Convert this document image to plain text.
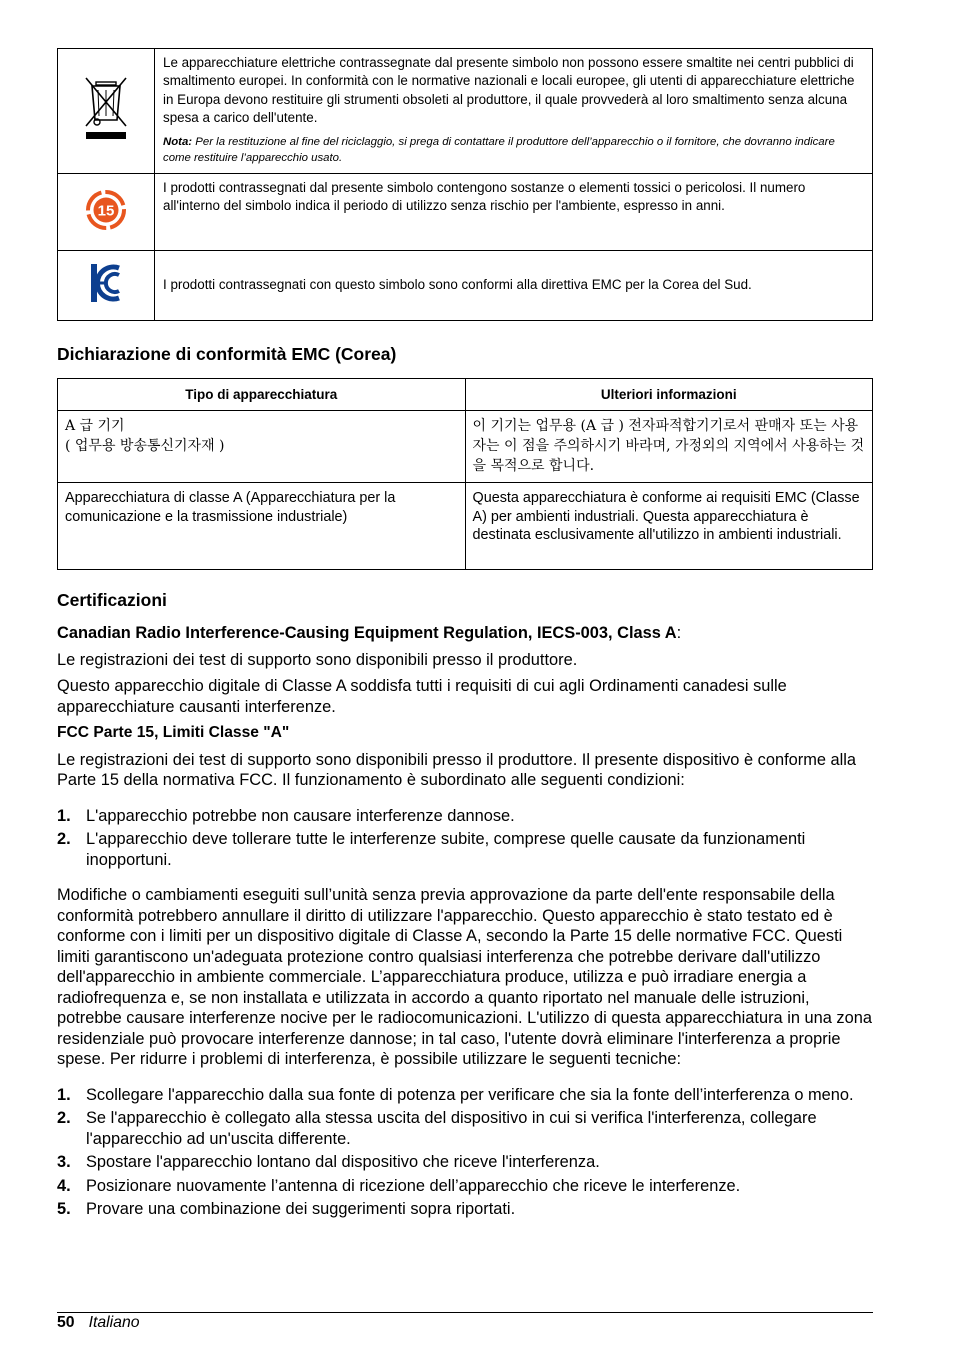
Le apparecchiature elettriche contrassegnate dal presente simbolo non possono essere smaltite nei centri pubblici di smaltimento europei. In conformità con le normative nazionali e locali europee, gli utenti di apparecchiature elettriche in Europa devono restituire gli strumenti obsoleti al produttore, il quale provvederà al loro smaltimento senza alcuna spesa a carico dell'utente.
Nota: Per la restituzione al fine del riciclaggio, si prega di contattare il produttore dell’apparecchio o il fornitore, che dovranno indicare come restituire l’apparecchio usato.

15	I prodotti contrassegnati dal presente simbolo contengono sostanze o elementi tossici o pericolosi. Il numero all'interno del simbolo indica il periodo di utilizzo senza rischio per l'ambiente, espresso in anni.
	I prodotti contrassegnati con questo simbolo sono conformi alla direttiva EMC per la Corea del Sud.
Dichiarazione di conformità EMC (Corea)
Tipo di apparecchiatura	Ulteriori informazioni

A 급 기기
( 업무용 방송통신기자재 )	이 기기는 업무용 (A 급 ) 전자파적합기기로서 판매자 또는 사용자는 이 점을 주의하시기 바라며, 가정외의 지역에서 사용하는 것을 목적으로 합니다.
Apparecchiatura di classe A (Apparecchiatura per la comunicazione e la trasmissione industriale)	Questa apparecchiatura è conforme ai requisiti EMC (Classe A) per ambienti industriali. Questa apparecchiatura è destinata esclusivamente all'utilizzo in ambienti industriali.
Certificazioni

Canadian Radio Interference-Causing Equipment Regulation, IECS-003, Class A:

Le registrazioni dei test di supporto sono disponibili presso il produttore.

Questo apparecchio digitale di Classe A soddisfa tutti i requisiti di cui agli Ordinamenti canadesi sulle apparecchiature causanti interferenze.

FCC Parte 15, Limiti Classe "A"

Le registrazioni dei test di supporto sono disponibili presso il produttore. Il presente dispositivo è conforme alla Parte 15 della normativa FCC. Il funzionamento è subordinato alle seguenti condizioni:

1. L'apparecchio potrebbe non causare interferenze dannose.
2. L'apparecchio deve tollerare tutte le interferenze subite, comprese quelle causate da funzionamenti inopportuni.

Modifiche o cambiamenti eseguiti sull’unità senza previa approvazione da parte dell'ente responsabile della conformità potrebbero annullare il diritto di utilizzare l'apparecchio. Questo apparecchio è stato testato ed è conforme con i limiti per un dispositivo digitale di Classe A, secondo la Parte 15 delle normative FCC. Questi limiti garantiscono un'adeguata protezione contro qualsiasi interferenza che potrebbe derivare dall'utilizzo dell'apparecchio in ambiente commerciale. L’apparecchiatura produce, utilizza e può irradiare energia a radiofrequenza e, se non installata e utilizzata in accordo a quanto riportato nel manuale delle istruzioni, potrebbe causare interferenze nocive per le radiocomunicazioni. L'utilizzo di questa apparecchiatura in una zona residenziale può provocare interferenze dannose; in tal caso, l'utente dovrà eliminare l'interferenza a proprie spese. Per ridurre i problemi di interferenza, è possibile utilizzare le seguenti tecniche:

1. Scollegare l'apparecchio dalla sua fonte di potenza per verificare che sia la fonte dell’interferenza o meno.
2. Se l'apparecchio è collegato alla stessa uscita del dispositivo in cui si verifica l'interferenza, collegare l'apparecchio ad un'uscita differente.
3. Spostare l'apparecchio lontano dal dispositivo che riceve l'interferenza.
4. Posizionare nuovamente l’antenna di ricezione dell’apparecchio che riceve le interferenze.
5. Provare una combinazione dei suggerimenti sopra riportati.
50 Italiano
